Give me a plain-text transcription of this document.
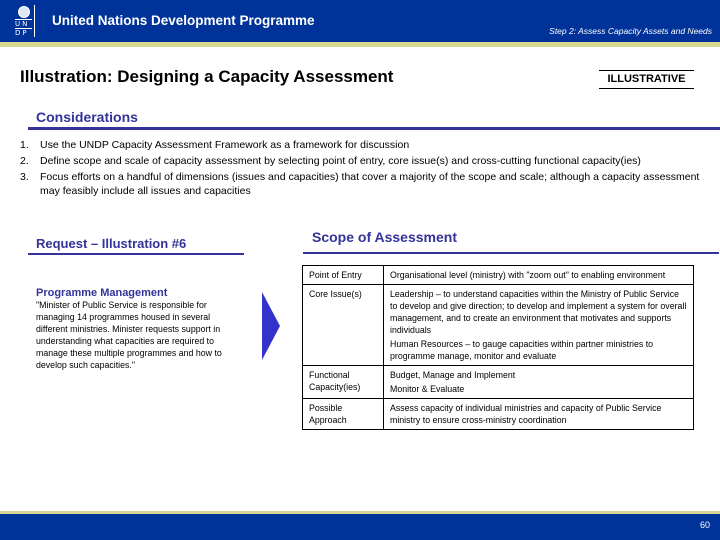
UN
DP
United Nations Development Programme
Step 2: Assess Capacity Assets and Needs
Illustration: Designing a Capacity Assessment	ILLUSTRATIVE
Considerations
1. Use the UNDP Capacity Assessment Framework as a framework for discussion
2. Define scope and scale of capacity assessment by selecting point of entry, core issue(s) and cross-cutting functional capacity(ies)
3. Focus efforts on a handful of dimensions (issues and capacities) that cover a majority of the scope and scale; although a capacity assessment may feasibly include all issues and capacities
Request – Illustration #6
Programme Management
"Minister of Public Service is responsible for managing 14 programmes housed in several different ministries. Minister requests support in understanding what capacities are required to manage these multiple programmes and how to develop such capacities."
Scope of Assessment
Point of Entry	Organisational level (ministry) with "zoom out" to enabling environment

Core Issue(s)	Leadership – to understand capacities within the Ministry of Public Service to develop and give direction; to develop and implement a system for overall management, and to create an environment that motivates and supports individuals
Human Resources – to gauge capacities within partner ministries to programme manage, monitor and evaluate

Functional Capacity(ies)	Budget, Manage and Implement
Monitor & Evaluate

Possible Approach	Assess capacity of individual ministries and capacity of Public Service ministry to ensure cross-ministry coordination
60
